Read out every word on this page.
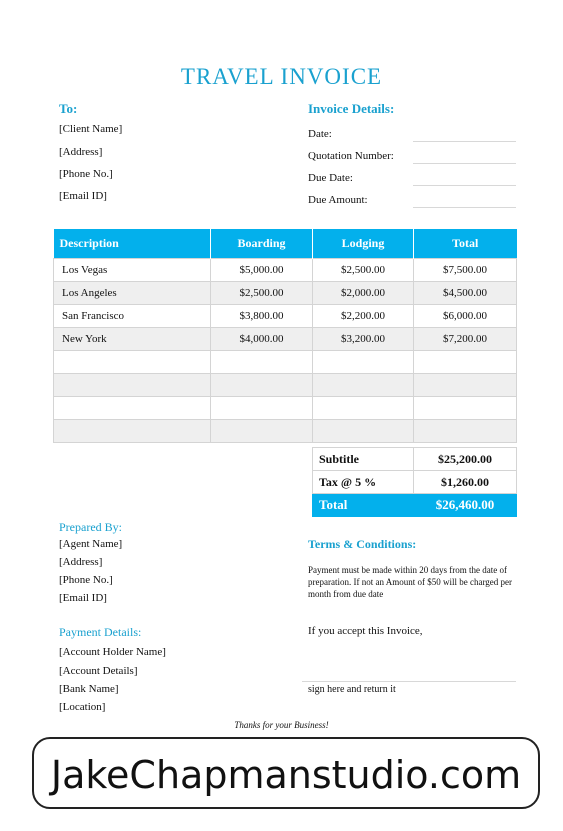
TRAVEL INVOICE
To:
[Client Name]
[Address]
[Phone No.]
[Email ID]
Invoice Details:
Date:
Quotation Number:
Due Date:
Due Amount:
Description	Boarding	Lodging	Total
Los Vegas	$5,000.00	$2,500.00	$7,500.00
Los Angeles	$2,500.00	$2,000.00	$4,500.00
San Francisco	$3,800.00	$2,200.00	$6,000.00
New York	$4,000.00	$3,200.00	$7,200.00

Subtitle	$25,200.00
Tax @ 5 %	$1,260.00
Total	$26,460.00
Prepared By:
[Agent Name]
[Address]
[Phone No.]
[Email ID]
Terms & Conditions:
Payment must be made within 20 days from the date of preparation. If not an Amount of $50 will be charged per month from due date
Payment Details:
[Account Holder Name]
[Account Details]
[Bank Name]
[Location]
If you accept this Invoice,
sign here and return it
Thanks for your Business!
JakeChapmanstudio.com
